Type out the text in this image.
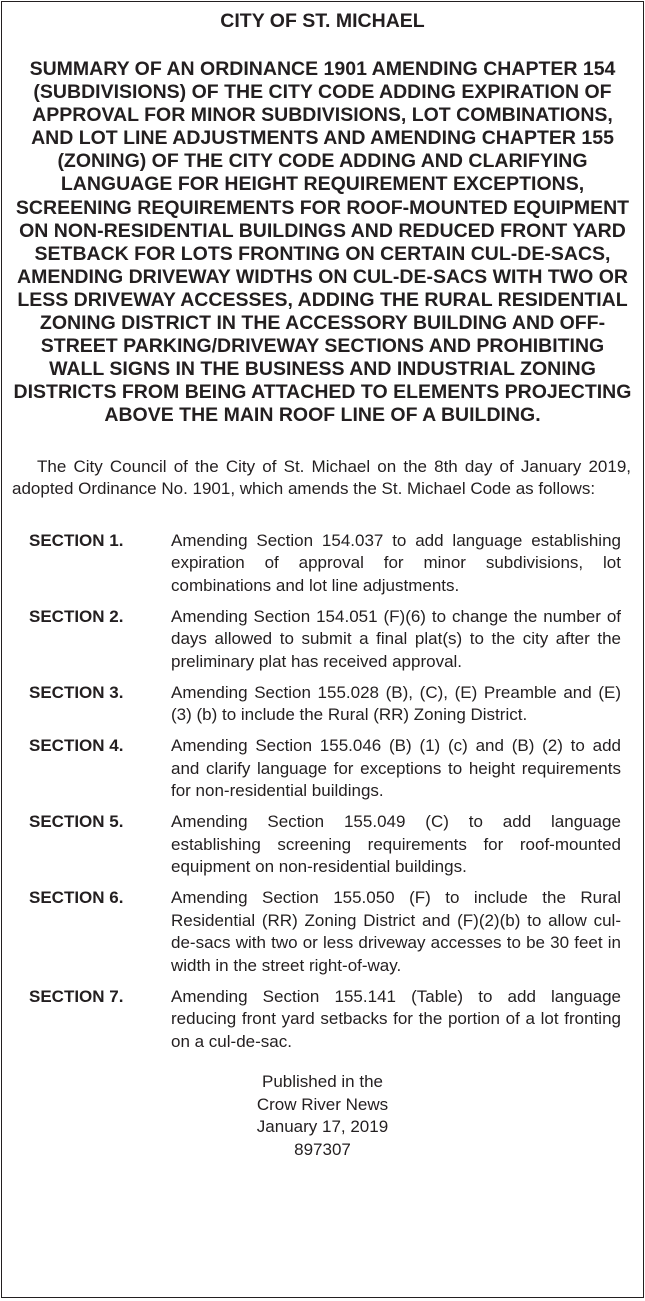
CITY OF ST. MICHAEL
SUMMARY OF AN ORDINANCE 1901 AMENDING CHAPTER 154 (SUBDIVISIONS) OF THE CITY CODE ADDING EXPIRATION OF APPROVAL FOR MINOR SUBDIVISIONS, LOT COMBINATIONS, AND LOT LINE ADJUSTMENTS AND AMENDING CHAPTER 155 (ZONING) OF THE CITY CODE ADDING AND CLARIFYING LANGUAGE FOR HEIGHT REQUIREMENT EXCEPTIONS, SCREENING REQUIREMENTS FOR ROOF-MOUNTED EQUIPMENT ON NON-RESIDENTIAL BUILDINGS AND REDUCED FRONT YARD SETBACK FOR LOTS FRONTING ON CERTAIN CUL-DE-SACS, AMENDING DRIVEWAY WIDTHS ON CUL-DE-SACS WITH TWO OR LESS DRIVEWAY ACCESSES, ADDING THE RURAL RESIDENTIAL ZONING DISTRICT IN THE ACCESSORY BUILDING AND OFF-STREET PARKING/DRIVEWAY SECTIONS AND PROHIBITING WALL SIGNS IN THE BUSINESS AND INDUSTRIAL ZONING DISTRICTS FROM BEING ATTACHED TO ELEMENTS PROJECTING ABOVE THE MAIN ROOF LINE OF A BUILDING.

The City Council of the City of St. Michael on the 8th day of January 2019, adopted Ordinance No. 1901, which amends the St. Michael Code as follows:

SECTION 1.	Amending Section 154.037 to add language establishing expiration of approval for minor subdivisions, lot combinations and lot line adjustments.
SECTION 2.	Amending Section 154.051 (F)(6) to change the number of days allowed to submit a final plat(s) to the city after the preliminary plat has received approval.
SECTION 3.	Amending Section 155.028 (B), (C), (E) Preamble and (E) (3) (b) to include the Rural (RR) Zoning District.
SECTION 4.	Amending Section 155.046 (B) (1) (c) and (B) (2) to add and clarify language for exceptions to height requirements for non-residential buildings.
SECTION 5.	Amending Section 155.049 (C) to add language establishing screening requirements for roof-mounted equipment on non-residential buildings.
SECTION 6.	Amending Section 155.050 (F) to include the Rural Residential (RR) Zoning District and (F)(2)(b) to allow cul-de-sacs with two or less driveway accesses to be 30 feet in width in the street right-of-way.
SECTION 7.	Amending Section 155.141 (Table) to add language reducing front yard setbacks for the portion of a lot fronting on a cul-de-sac.
Published in the
Crow River News
January 17, 2019
897307
